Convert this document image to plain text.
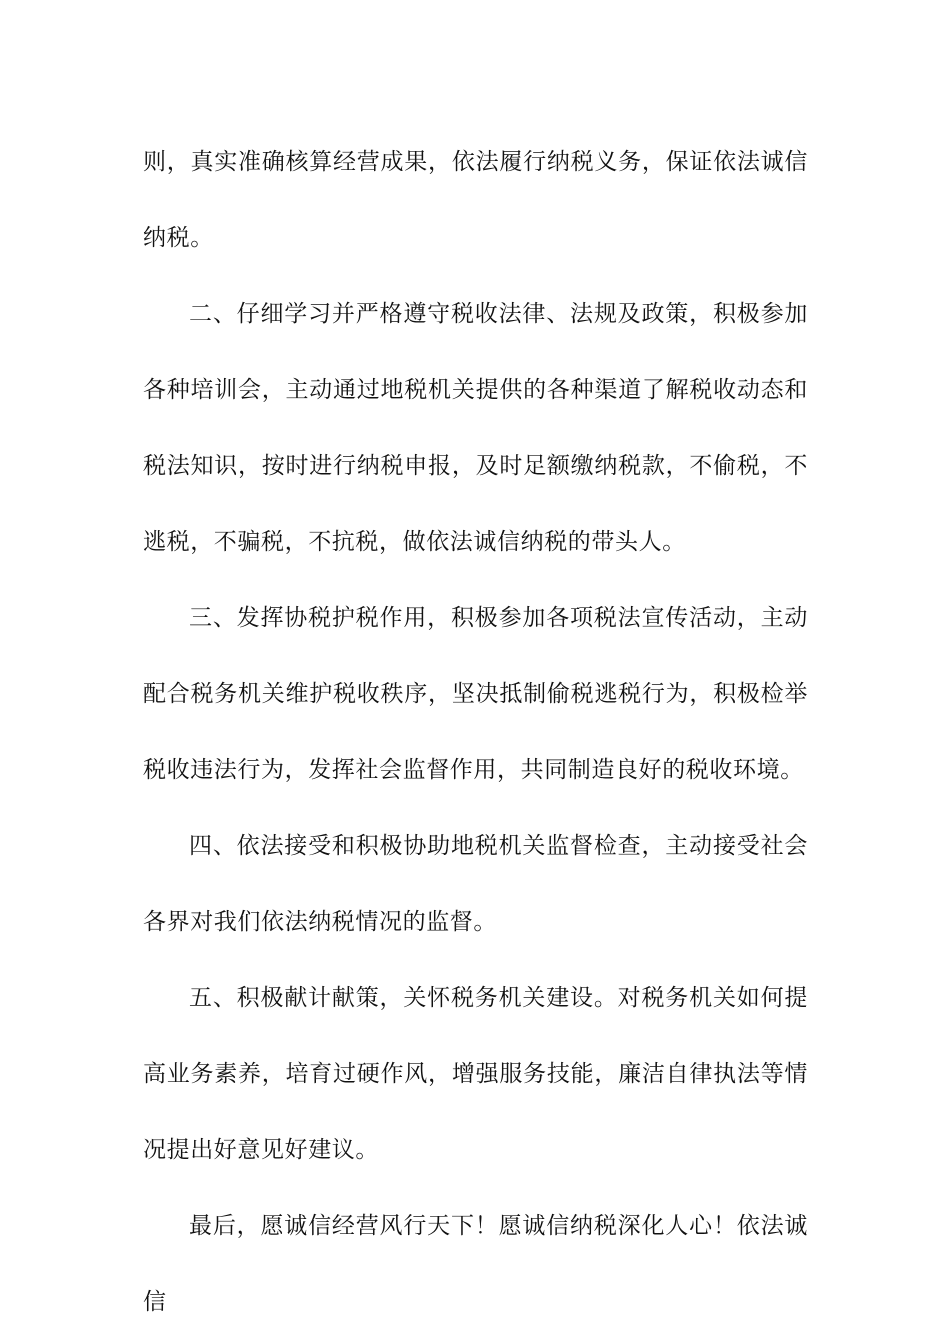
则，真实准确核算经营成果，依法履行纳税义务，保证依法诚信纳税。

二、仔细学习并严格遵守税收法律、法规及政策，积极参加各种培训会，主动通过地税机关提供的各种渠道了解税收动态和税法知识，按时进行纳税申报，及时足额缴纳税款，不偷税，不逃税，不骗税，不抗税，做依法诚信纳税的带头人。

三、发挥协税护税作用，积极参加各项税法宣传活动，主动配合税务机关维护税收秩序，坚决抵制偷税逃税行为，积极检举税收违法行为，发挥社会监督作用，共同制造良好的税收环境。

四、依法接受和积极协助地税机关监督检查，主动接受社会各界对我们依法纳税情况的监督。

五、积极献计献策，关怀税务机关建设。对税务机关如何提高业务素养，培育过硬作风，增强服务技能，廉洁自律执法等情况提出好意见好建议。

最后，愿诚信经营风行天下！愿诚信纳税深化人心！依法诚信
